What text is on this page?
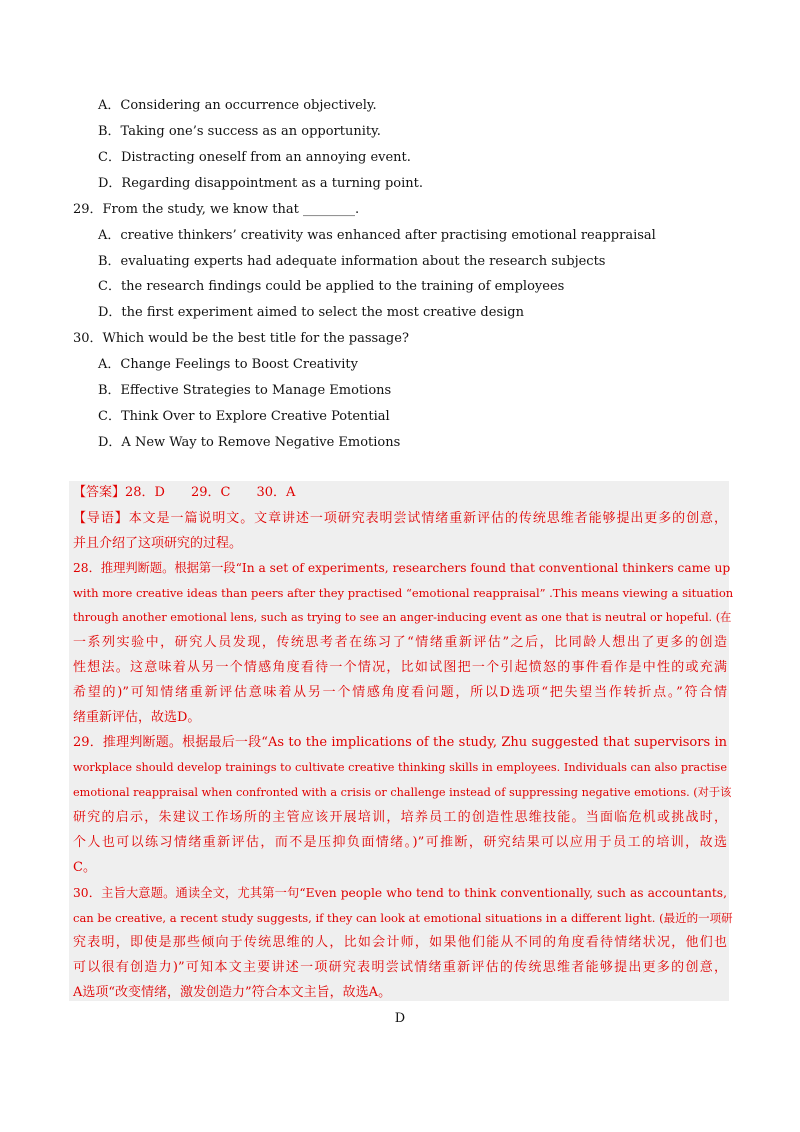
A．Considering an occurrence objectively.
B．Taking one’s success as an opportunity.
C．Distracting oneself from an annoying event.
D．Regarding disappointment as a turning point.
29．From the study, we know that ________.
A．creative thinkers’ creativity was enhanced after practising emotional reappraisal
B．evaluating experts had adequate information about the research subjects
C．the research findings could be applied to the training of employees
D．the first experiment aimed to select the most creative design
30．Which would be the best title for the passage?
A．Change Feelings to Boost Creativity
B．Effective Strategies to Manage Emotions
C．Think Over to Explore Creative Potential
D．A New Way to Remove Negative Emotions
【答案】28．D　　29．C　　30．A
【导语】本文是一篇说明文。文章讲述一项研究表明尝试情绪重新评估的传统思维者能够提出更多的创意，
并且介绍了这项研究的过程。
28．推理判断题。根据第一段“In a set of experiments, researchers found that conventional thinkers came up
with more creative ideas than peers after they practised “emotional reappraisal” .This means viewing a situation
through another emotional lens, such as trying to see an anger-inducing event as one that is neutral or hopeful. (在
一系列实验中，研究人员发现，传统思考者在练习了“情绪重新评估”之后，比同龄人想出了更多的创造
性想法。这意味着从另一个情感角度看待一个情况，比如试图把一个引起愤怒的事件看作是中性的或充满
希望的)”可知情绪重新评估意味着从另一个情感角度看问题，所以D选项“把失望当作转折点。”符合情
绪重新评估，故选D。
29．推理判断题。根据最后一段“As to the implications of the study, Zhu suggested that supervisors in
workplace should develop trainings to cultivate creative thinking skills in employees. Individuals can also practise
emotional reappraisal when confronted with a crisis or challenge instead of suppressing negative emotions. (对于该
研究的启示，朱建议工作场所的主管应该开展培训，培养员工的创造性思维技能。当面临危机或挑战时，
个人也可以练习情绪重新评估，而不是压抑负面情绪。)”可推断，研究结果可以应用于员工的培训，故选
C。
30．主旨大意题。通读全文，尤其第一句“Even people who tend to think conventionally, such as accountants,
can be creative, a recent study suggests, if they can look at emotional situations in a different light. (最近的一项研
究表明，即使是那些倾向于传统思维的人，比如会计师，如果他们能从不同的角度看待情绪状况，他们也
可以很有创造力)”可知本文主要讲述一项研究表明尝试情绪重新评估的传统思维者能够提出更多的创意，
A选项“改变情绪，激发创造力”符合本文主旨，故选A。
D
